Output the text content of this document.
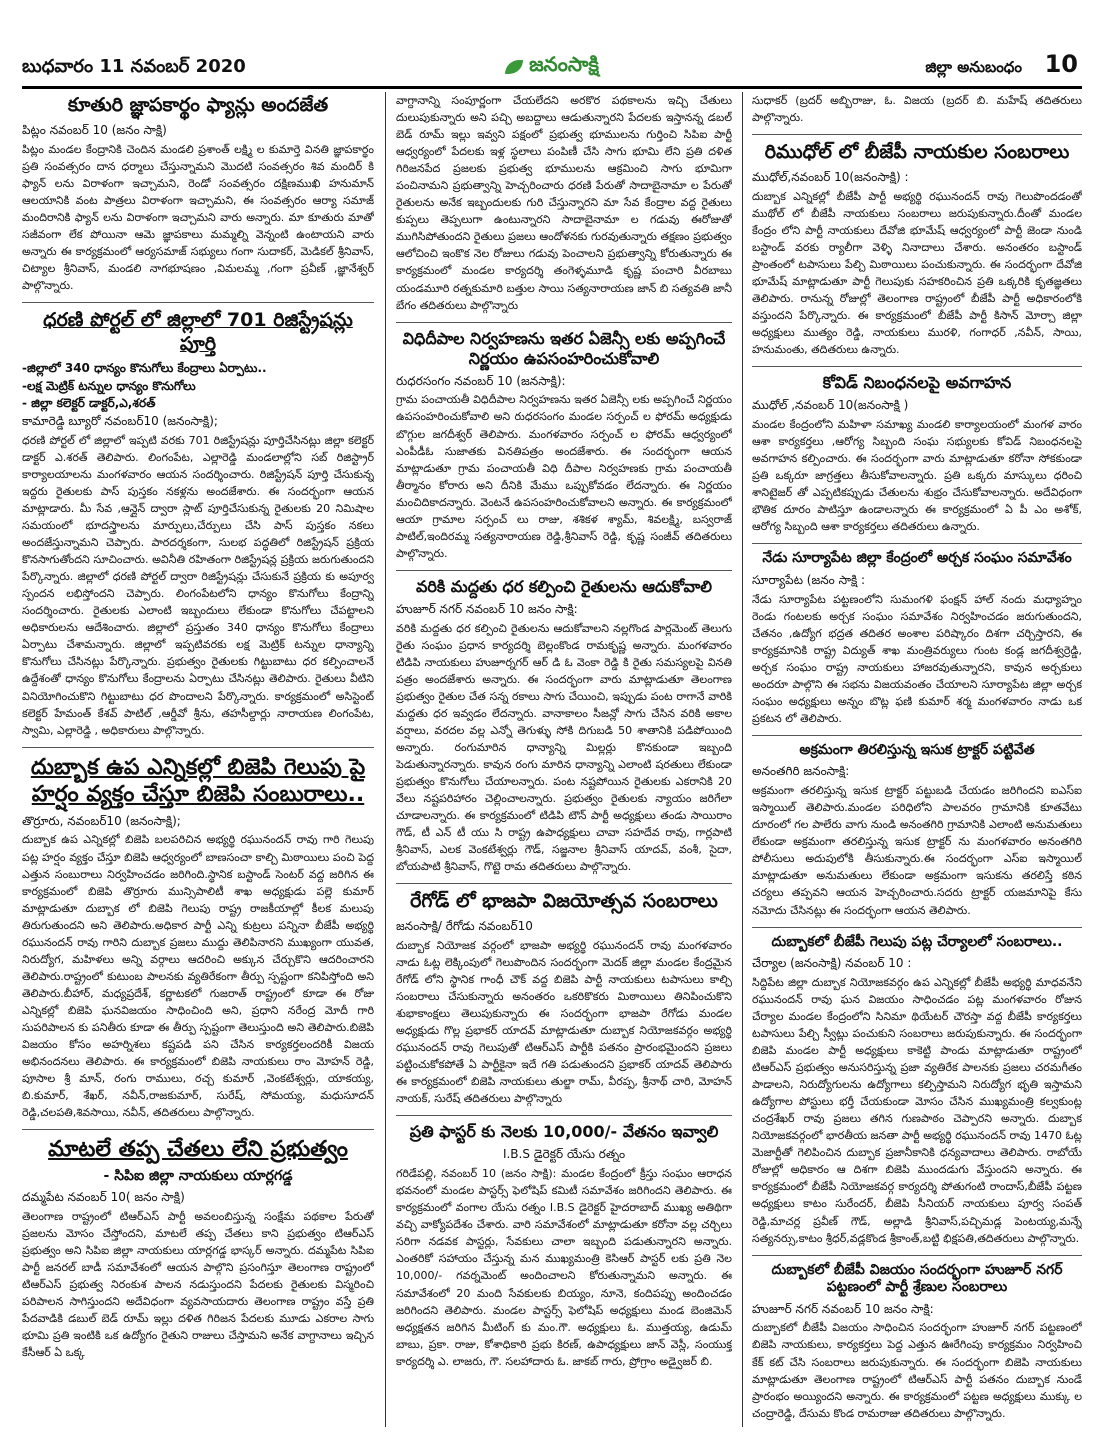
బుధవారం 11 నవంబర్ 2020	జనంసాక్షి	జిల్లా అనుబంధం 10
కూతురి జ్ఞాపకార్థం ఫ్యాన్లు అందజేత
పిట్లం నవంబర్ 10 (జనం సాక్షి)

పిట్లం మండల కేంద్రానికి చెందిన మండలి ప్రశాంత్ లక్ష్మి ల కుమార్తె వినతి జ్ఞాపకార్థం ప్రతి సంవత్సరం దాన ధర్మాలు చేస్తున్నామని మొదటి సంవత్సరం శివ మందిర్ కి ఫ్యాన్ లను విరాళంగా ఇచ్చామని, రెండో సంవత్సరం దక్షిణముఖి హనుమాన్ ఆలయానికి వంట పాత్రలు విరాళంగా ఇచ్చామని, ఈ సంవత్సరం ఆర్యా సమాజ్ మందిరానికి ఫ్యాన్ లను విరాళంగా ఇచ్చామని వారు అన్నారు. మా కూతురు మాతో సజీవంగా లేక పోయినా ఆమె జ్ఞాపకాలు మమ్మల్ని వెన్నంటి ఉంటాయని వారు అన్నారు ఈ కార్యక్రమంలో ఆర్యసమాజ్ సభ్యులు గంగా సుదాకర్, మెడికల్ శ్రీనివాస్, చిట్యాల శ్రీనివాస్, మండలి నాగభూషణం ,విమలమ్మ ,గంగా ప్రవీణ్ ,జ్ఞానేశ్వర్ పాల్గొన్నారు.

ధరణి పోర్టల్ లో జిల్లాలో 701 రిజిస్ట్రేషన్లు పూర్తి
-జిల్లాలో 340 ధాన్యం కొనుగోలు కేంద్రాలు ఏర్పాటు..
-లక్ష మెట్రిక్ టన్నుల ధాన్యం కొనుగోలు
- జిల్లా కలెక్టర్ డాక్టర్,ఎ,శరత్
కామారెడ్డి బ్యూరో నవంబర్10 (జనంసాక్షి);

ధరణి పోర్టల్ లో జిల్లాలో ఇప్పటి వరకు 701 రిజిస్ట్రేషన్లు పూర్తిచేసినట్లు జిల్లా కలెక్టర్ డాక్టర్ ఎ.శరత్ తెలిపారు. లింగంపేట, ఎల్లారెడ్డి మండలాల్లోని సబ్ రిజిస్ట్రార్ కార్యాలయాలను మంగళవారం ఆయన సందర్శించారు. రిజిస్ట్రేషన్ పూర్తి చేసుకున్న ఇద్దరు రైతులకు పాస్ పుస్తకం నకళ్లను అందజేశారు. ఈ సందర్భంగా ఆయన మాట్లాడారు. మీ సేవ ,ఆన్లైన్ ద్వారా స్లాట్ పూర్తిచేసుకున్న రైతులకు 20 నిమిషాల సమయంలో భూదస్త్రాలను మార్పులు,చేర్పులు చేసి పాస్ పుస్తకం నకలు అందజేస్తున్నామని చెప్పారు. పారదర్శకంగా, సులభ పద్ధతిలో రిజిస్ట్రేషన్ ప్రక్రియ కొనసాగుతోందని సూచించారు. అవినీతి రహితంగా రిజిస్ట్రేషన్ల ప్రక్రియ జరుగుతుందని పేర్కొన్నారు. జిల్లాలో ధరణి పోర్టల్ ద్వారా రిజిస్ట్రేషన్లు చేసుకునే ప్రక్రియ కు అపూర్వ స్పందన లభిస్తోందని చెప్పారు. లింగంపేటలోని ధాన్యం కొనుగోలు కేంద్రాన్ని సందర్శించారు. రైతులకు ఎలాంటి ఇబ్బందులు లేకుండా కొనుగోలు చేపట్టాలని అధికారులను ఆదేశించారు. జిల్లాలో ప్రస్తుతం 340 ధాన్యం కొనుగోలు కేంద్రాలు ఏర్పాటు చేశామన్నారు. జిల్లాలో ఇప్పటివరకు లక్ష మెట్రిక్ టన్నుల ధాన్యాన్ని కొనుగోలు చేసినట్లు పేర్కొన్నారు. ప్రభుత్వం రైతులకు గిట్టుబాటు ధర కల్పించాలనే ఉద్దేశంతో ధాన్యం కొనుగోలు కేంద్రాలను ఏర్పాటు చేసినట్లు తెలిపారు. రైతులు వీటిని వినియోగించుకొని గిట్టుబాటు ధర పొందాలని పేర్కొన్నారు. కార్యక్రమంలో అసిస్టెంట్ కలెక్టర్ హేమంత్ కేశవ్ పాటిల్ ,ఆర్డీవో శ్రీను, తహసీల్దార్లు నారాయణ లింగంపేట, స్వామి, ఎల్లారెడ్డి , అధికారులు పాల్గొన్నారు.

దుబ్బాక ఉప ఎన్నికల్లో బిజెపి గెలుపు పై హర్షం వ్యక్తం చేస్తూ బిజెపి సంబురాలు..
తొర్రూరు, నవంబర్10 (జనంసాక్షి);

దుబ్బాక ఉప ఎన్నికల్లో బిజెపి బలపరిచిన అభ్యర్థి రఘునందన్ రావు గారి గెలుపు పట్ల హర్షం వ్యక్తం చేస్తూ బిజెపి ఆధ్వర్యంలో బాణసంచా కాల్చి మిఠాయిలు పంచి పెద్ద ఎత్తున సంబురాలు నిర్వహించడం జరిగింది.స్థానిక బస్టాండ్ సెంటర్ వద్ద జరిగిన ఈ కార్యక్రమంలో బిజెపి తొర్రూరు మున్సిపాలిటీ శాఖ అధ్యక్షుడు పల్లె కుమార్ మాట్లాడుతూ దుబ్బాక లో బిజెపి గెలుపు రాష్ట్ర రాజకీయాల్లో కీలక మలుపు తిరుగుతుందని అని తెలిపారు.అధికార పార్టీ ఎన్ని కుట్రలు పన్నినా బీజేపీ అభ్యర్థి రఘునందన్ రావు గారిని దుబ్బాక ప్రజలు ముద్దు తెలిపినారని ముఖ్యంగా యువత, నిరుద్యోగ, మహిళలు అన్ని వర్గాలు ఆదరించి అక్కున చేర్చుకొని ఆదరించారని తెలిపారు.రాష్ట్రంలో కుటుంబ పాలనకు వ్యతిరేకంగా తీర్పు స్పష్టంగా కనిపిస్తోంది అని తెలిపారు.బీహార్, మధ్యప్రదేశ్, కర్ణాటకలో గుజరాత్ రాష్ట్రంలో కూడా ఈ రోజు ఎన్నికల్లో బిజెపి ఘనవిజయం సాధించింది అని, ప్రధాని నరేంద్ర మోదీ గారి సుపరిపాలన కు పనితీరు కూడా ఈ తీర్పు స్పష్టంగా తెలుస్తుంది అని తెలిపారు.బిజెపి విజయం కోసం అహర్నిశలు కష్టపడి పని చేసిన కార్యకర్తలందరికీ విజయ అభినందనలు తెలిపారు. ఈ కార్యక్రమంలో బిజెపి నాయకులు రాం మోహన్ రెడ్డి, పూసాల శ్రీ మాన్, రంగు రాములు, రచ్చ కుమార్ ,వెంకటేశ్వర్లు, యాకయ్య, బి.కుమార్, శేఖర్, నవీన్,రాజకుమార్, సురేష్, సోమయ్య, మధుసూదన్ రెడ్డి,చలపతి,శివసాయి, నవీన్, తదితరులు పాల్గొన్నారు.

మాటలే తప్ప చేతలు లేని ప్రభుత్వం
- సిపిఐ జిల్లా నాయకులు యార్లగడ్డ
దమ్మపేట నవంబర్ 10( జనం సాక్షి)

తెలంగాణ రాష్ట్రంలో టిఆర్ఎస్ పార్టీ అవలంబిస్తున్న సంక్షేమ పథకాల పేరుతో ప్రజలను మోసం చేస్తోందని, మాటలే తప్ప చేతలు కాని ప్రభుత్వం టిఆర్ఎస్ ప్రభుత్వం అని సిపిఐ జిల్లా నాయకులు యార్లగడ్డ భాస్కర్ అన్నారు. దమ్మపేట సిపిఐ పార్టీ జనరల్ బాడీ సమావేశంలో ఆయన పాల్గొని ప్రసంగిస్తూ తెలంగాణ రాష్ట్రంలో టిఆర్ఎస్ ప్రభుత్వ నిరంకుశ పాలన నడుస్తుందని పేదలకు రైతులకు విస్మరించి పరిపాలన సాగిస్తుందని అదేవిధంగా వ్యవసాయదారు తెలంగాణ రాష్ట్రం వస్తే ప్రతి పేదవాడికి డబుల్ బెడ్ రూమ్ ఇల్లు దళిత గిరిజన పేదలకు మూడు ఎకరాల సాగు భూమి ప్రతి ఇంటికి ఒక ఉద్యోగం రైతుని రాజులు చేస్తామని అనేక వాగ్దానాలు ఇచ్చిన కేసీఆర్ ఏ ఒక్క

వాగ్దానాన్ని సంపూర్ణంగా చేయలేదని అరకొర పథకాలను ఇచ్చి చేతులు దులుపుకున్నారు అని పచ్చి అబద్దాలు ఆడుతున్నారని పేదలకు ఇస్తానన్న డబల్ బెడ్ రూమ్ ఇల్లు ఇవ్వని పక్షంలో ప్రభుత్వ భూములను గుర్తించి సిపిఐ పార్టీ ఆధ్వర్యంలో పేదలకు ఇళ్ల స్థలాలు పంపిణీ చేసి సాగు భూమి లేని ప్రతి దళిత గిరిజనపేద ప్రజలకు ప్రభుత్వ భూములను ఆక్రమించి సాగు భూమిగా పంచినామని ప్రభుత్వాన్ని హెచ్చరించారు ధరణి పేరుతో సాదాబైనామా ల పేరుతో రైతులను అనేక ఇబ్బందులకు గురి చేస్తున్నారని మా సేవ కేంద్రాల వద్ద రైతులు కుప్పలు తెప్పలుగా ఉంటున్నారని సాదాబైనామా ల గడువు ఈరోజుతో ముగిసిపోతుందని రైతులు ప్రజలు ఆందోళనకు గురవుతున్నారు తక్షణం ప్రభుత్వం ఆలోచించి ఇంకొక నెల రోజులు గడువు పెంచాలని ప్రభుత్వాన్ని కోరుతున్నారు ఈ కార్యక్రమంలో మండల కార్యదర్శి తంగెళ్ళమూడి కృష్ణ పంచారి వీరబాబు యండమూరి రత్నకుమారి బత్తుల సాయి సత్యనారాయణ జాన్ బి సత్యవతి జానీ బేగం తదితరులు పాల్గొన్నారు

విధిదీపాల నిర్వహణను ఇతర ఏజెన్సీ లకు అప్పగించే నిర్ణయం ఉపసంహరించుకోవాలి
రుధరసంగం నవంబర్ 10 (జనసాక్షి):

గ్రామ పంచాయతీ విధిదీపాల నిర్వహణను ఇతర ఏజెన్సీ లకు అప్పగించే నిర్ణయం ఉపసంహరించుకోవాలి అని రుధరసంగం మండల సర్పంచ్ ల ఫోరమ్ అధ్యక్షుడు బొగ్గుల జగదీశ్వర్ తెలిపారు. మంగళవారం సర్పంచ్ ల ఫోరమ్ ఆధ్వర్యంలో ఎంపీడీఓ సుజాతకు వినతిపత్రం అందజేశారు. ఈ సందర్భంగా ఆయన మాట్లాడుతూ గ్రామ పంచాయతీ విధి దీపాల నిర్వహణకు గ్రామ పంచాయతీ తీర్మానం కోరారు అని దీనికి మేము ఒప్పుకోవడం లేదన్నారు. ఈ నిర్ణయం మంచిదికాదన్నారు. వెంటనే ఉపసంహరించుకోవాలని అన్నారు. ఈ కార్యక్రమంలో ఆయా గ్రామాల సర్పంచ్ లు రాజు, శశికళ శ్యామ్, శివలక్ష్మి, బస్వరాజ్ పాటిల్,ఇందిరమ్మ సత్యనారాయణ రెడ్డి,శ్రీనివాస్ రెడ్డి, కృష్ణ సంజీవ్ తదితరులు పాల్గొన్నారు.

వరికి మద్దతు ధర కల్పించి రైతులను ఆదుకోవాలి
హుజూర్ నగర్ నవంబర్ 10 జనం సాక్షి:

వరికి మద్దతు ధర కల్పించి రైతులను ఆదుకోవాలని నల్లగొండ పార్లమెంట్ తెలుగు రైతు సంఘం ప్రధాన కార్యదర్శి బెల్లంకొండ రామకృష్ణ అన్నారు. మంగళవారం టిడిపి నాయకులు హుజూర్నగర్ ఆర్ డి ఓ వెంకా రెడ్డి కి రైతు సమస్యలపై వినతి పత్రం అందజేశారు అన్నారు. ఈ సందర్భంగా వారు మాట్లాడుతూ తెలంగాణ ప్రభుత్వం రైతుల చేత సన్న రకాలు సాగు చేయించి, ఇప్పుడు పంట రాగానే వారికి మద్దతు ధర ఇవ్వడం లేదన్నారు. వానాకాలం సీజన్లో సాగు చేసిన వరికి అకాల వర్షాలు, వరదల వల్ల ఎన్నో తెగుళ్ళు సోకి దిగుబడి 50 శాతానికి పడిపోయింది అన్నారు. రంగుమారిన ధాన్యాన్ని మిల్లర్లు కొనకుండా ఇబ్బంది పెడుతున్నారన్నారు. కావున రంగు మారిన ధాన్యాన్ని ఎలాంటి షరతులు లేకుండా ప్రభుత్వం కొనుగోలు చేయాలన్నారు. పంట నష్టపోయిన రైతులకు ఎకరానికి 20 వేలు నష్టపరిహారం చెల్లించాలన్నారు. ప్రభుత్వం రైతులకు న్యాయం జరిగేలా చూడాలన్నారు. ఈ కార్యక్రమంలో టిడిపి టౌన్ పార్టీ అధ్యక్షులు తండు సాయిరాం గౌడ్, టీ ఎన్ టీ యు సి రాష్ట్ర ఉపాధ్యక్షులు చావా సహదేవ రావు, గార్లపాటి శ్రీనివాస్, ఎలక వెంకటేశ్వర్లు గౌడ్, సజ్జనాల శ్రీనివాస్ యాదవ్, వంశీ, సైదా, బోయపాటి శ్రీనివాస్, గొట్టె రామ తదితరులు పాల్గొన్నారు.

రేగోడ్ లో భాజపా విజయోత్సవ సంబరాలు
జనంసాక్షి/ రేగోడు నవంబర్10

దుబ్బాక నియోజక వర్గంలో భాజపా అభ్యర్థి రఘునందన్ రావు మంగళవారం నాడు ఓట్ల లెక్కింపులో గెలుపొందిన సందర్భంగా మెదక్ జిల్లా మండల కేంద్రమైన రేగోడ్ లోని స్థానిక గాంధీ చౌక్ వద్ద బిజెపి పార్టీ నాయకులు టపాసులు కాల్చి సంబరాలు చేసుకున్నారు అనంతరం ఒకరికొకరు మిఠాయిలు తినిపించుకొని శుభాకాంక్షలు తెలుపుకున్నారు ఈ సందర్భంగా భాజపా రేగోడు మండల అధ్యక్షుడు గొల్ల ప్రభాకర్ యాదవ్ మాట్లాడుతూ దుబ్బాక నియోజకవర్గం అభ్యర్థి రఘునందన్ రావు గెలుపుతో టిఆర్ఎస్ పార్టీకి పతనం ప్రారంభమైందని ప్రజలు పట్టించుకోకపోతే ఏ పార్టీకైనా ఇదే గతి పడుతుందని ప్రభాకర్ యాదవ్ తెలిపారు ఈ కార్యక్రమంలో బిజెపి నాయకులు తుల్జా రామ్, వీరప్ప, శ్రీనాథ్ చారి, మోహన్ నాయక్, సురేష్ తదితరులు పాల్గొన్నారు

ప్రతి ఫాస్టర్ కు నెలకు 10,000/- వేతనం ఇవ్వాలి
I.B.S డైరెక్టర్ యేసు రత్నం

గరిడేపల్లి, నవంబర్ 10 (జనం సాక్షి): మండల కేంద్రంలో క్రీస్తు సంఘం ఆరాధన భవనంలో మండల పాస్టర్స్ ఫెలోషిప్ కమిటీ సమావేశం జరిగిందని తెలిపారు. ఈ కార్యక్రమంలో వంగాల యేసు రత్నం I.B.S డైరెక్టర్ హైదరాబాద్ ముఖ్య అతిథిగా వచ్చి వాక్యోపదేశం చేశారు. వారి సమావేశంలో మాట్లాడుతూ కరోనా వల్ల చర్చిలు సరిగా నడవక పాస్టర్లు, సేవకులు చాలా ఇబ్బంది పడుతున్నారని అన్నారు. ఎంతరికో సహాయం చేస్తున్న మన ముఖ్యమంత్రి కెసిఆర్ పాస్టర్ లకు ప్రతి నెల 10,000/- గవర్నమెంట్ అందించాలని కోరుతున్నామని అన్నారు. ఈ సమావేశంలో 20 మంది సేవకులకు బియ్యం, నూనె, కందిపప్పు అందించడం జరిగిందని తెలిపారు. మండల పాస్టర్స్ ఫెలోషిప్ అధ్యక్షులు మండ బెంజిమెన్ అధ్యక్షతన జరిగిన మీటింగ్ కు మం.గౌ. అధ్యక్షులు ఓ. ముత్తయ్య, ఉడుమ్ బాబు, ప్రకా. రాజు, కోశాధికారి ప్రభు కిరణ్, ఉపాధ్యక్షులు జాన్ వెస్లీ, సంయుక్త కార్యదర్శి ఎ. లాజరు, గౌ. సలహాదారు ఓ. జాకబ్ గారు, ప్రోగ్రాం అడ్వైజర్ బి.

సుధాకర్ (బ్రదర్ అబ్బిరాజు, ఓ. విజయ (బ్రదర్ బి. మహేష్ తదితరులు పాల్గొన్నారు.

రిముధోల్ లో బీజేపీ నాయకుల సంబరాలు
ముధోల్,నవంబర్ 10(జనంసాక్షి) :

దుబ్బాక ఎన్నికల్లో బీజేపీ పార్టీ అభ్యర్థి రఘునందన్ రావు గెలుపొందడంతో ముథోల్ లో బీజేపీ నాయకులు సంబరాలు జరుపుకున్నారు.దీంతో మండల కేంద్రం లోని పార్టీ నాయకులు దేవోజి భూమేష్ ఆధ్వర్యంలో పార్టీ జెండా నుండి బస్టాండ్ వరకు ర్యాలీగా వెళ్ళి నినాదాలు చేశారు. అనంతరం బస్టాండ్ ప్రాంతంలో టపాసులు పేల్చి మిఠాయిలు పంచుకున్నారు. ఈ సందర్భంగా దేవోజి భూమేష్ మాట్లాడుతూ పార్టీ గెలుపుకు సహకరించిన ప్రతి ఒక్కరికి కృతజ్ఞతలు తెలిపారు. రానున్న రోజుల్లో తెలంగాణ రాష్ట్రంలో బీజేపీ పార్టీ అధికారంలోకి వస్తుందని పేర్కొన్నారు. ఈ కార్యక్రమంలో బీజేపీ పార్టీ కిసాన్ మోర్చా జిల్లా అధ్యక్షులు ముత్యం రెడ్డి, నాయకులు మురళి, గంగాధర్ ,నవీన్, సాయి, హనుమంతు, తదితరులు ఉన్నారు.

కోవిడ్ నిబంధనలపై అవగాహన
ముధోల్ ,నవంబర్ 10(జనంసాక్షి )

మండల కేంద్రంలోని మహిళా సమాఖ్య మండలి కార్యాలయంలో మంగళ వారం ఆశా కార్యకర్తలు ,ఆరోగ్య సిబ్బంది సంఘ సభ్యులకు కోవిడ్ నిబంధనలపై అవగాహన కల్పించారు. ఈ సందర్భంగా వారు మాట్లాడుతూ కరోనా సోకకుండా ప్రతి ఒక్కరూ జాగ్రత్తలు తీసుకోవాలన్నారు. ప్రతి ఒక్కరు మాస్కులు ధరించి శానిటైజర్ తో ఎప్పటికప్పుడు చేతులను శుభ్రం చేసుకోవాలన్నారు. అదేవిధంగా భౌతిక దూరం పాటిస్తూ ఉండాలన్నారు ఈ కార్యక్రమంలో ఏ పీ ఎం అశోక్, ఆరోగ్య సిబ్బంది ఆశా కార్యకర్తలు తదితరులు ఉన్నారు.

నేడు సూర్యాపేట జిల్లా కేంద్రంలో అర్చక సంఘం సమావేశం
సూర్యాపేట (జనం సాక్షి :

నేడు సూర్యాపేట పట్టణంలోని సుమంగళి ఫంక్షన్ హాల్ నందు మధ్యాహ్నం రెండు గంటలకు అర్చక సంఘం సమావేశం నిర్వహించడం జరుగుతుందని, చేతనం ,ఉద్యోగ భద్రత తదితర అంశాల పరిష్కారం దిశగా చర్చిస్తారని, ఈ కార్యక్రమానికి రాష్ట్ర విద్యుత్ శాఖ మంత్రివర్యులు గుంట కండ్ల జగదీశ్వర్రెడ్డి, అర్చక సంఘం రాష్ట్ర నాయకులు హాజరవుతున్నారని, కావున అర్చకులు అందరూ పాల్గొని ఈ సభను విజయవంతం చేయాలని సూర్యాపేట జిల్లా అర్చక సంఘం అధ్యక్షులు అన్నం బొట్ల ఫణి కుమార్ శర్మ మంగళవారం నాడు ఒక ప్రకటన లో తెలిపారు.

అక్రమంగా తిరలిస్తున్న ఇసుక ట్రాక్టర్ పట్టివేత
అనంతగిరి జనంసాక్షి:

అక్రమంగా తరలిస్తున్న ఇసుక ట్రాక్టర్ పట్టుబడి చేయడం జరిగిందని ఐఎస్ఐ ఇస్మాయిల్ తెలిపారు.మండల పరిధిలోని పాలవరం గ్రామానికి కూతవేటు దూరంలో గల పాలేరు వాగు నుండి అనంతగిరి గ్రామానికి ఎలాంటి అనుమతులు లేకుండా అక్రమంగా తరలిస్తున్న ఇసుక ట్రాక్టర్ ను మంగళవారం అనంతగిరి పోలీసులు అదుపులోకి తీసుకున్నారు.ఈ సందర్భంగా ఎస్ఐ ఇస్మాయిల్ మాట్లాడుతూ అనుమతులు లేకుండా అక్రమంగా ఇసుకను తరలిస్తే కఠిన చర్యలు తప్పవని ఆయన హెచ్చరించారు.సదరు ట్రాక్టర్ యజమానిపై కేసు నమోదు చేసినట్లు ఈ సందర్భంగా ఆయన తెలిపారు.

దుబ్బాకలో బీజేపీ గెలుపు పట్ల చేర్యాలలో సంబరాలు..
చేర్యాల (జనంసాక్షి) నవంబర్ 10 :

సిద్దిపేట జిల్లా దుబ్బాక నియోజకవర్గం ఉప ఎన్నికల్లో బీజేపీ అభ్యర్థి మాధవనేని రఘునందన్ రావు ఘన విజయం సాధించడం పట్ల మంగళవారం రోజున చేర్యాల మండల కేంద్రంలోని సినిమా థియేటర్ చౌరస్తా వద్ద బీజేపీ కార్యకర్తలు టపాసులు పేల్చి స్వీట్లు పంచుకుని సంబరాలు జరుపుకున్నారు. ఈ సందర్భంగా బిజెపి మండల పార్టీ అధ్యక్షులు కాకెట్టి పాండు మాట్లాడుతూ రాష్ట్రంలో టిఆర్ఎస్ ప్రభుత్వం అనుసరిస్తున్న ప్రజా వ్యతిరేక పాలనకు ప్రజలు చరమగీతం పాడాలని, నిరుద్యోగులను ఉద్యోగాలు కల్పిస్తామని నిరుద్యోగ భృతి ఇస్తామని ఉద్యోగాల పోస్టులు భర్తీ చేయకుండా మోసం చేసిన ముఖ్యమంత్రి కల్వకుంట్ల చంద్రశేఖర్ రావు ప్రజలు తగిన గుణపాఠం చెప్పారని అన్నారు. దుబ్బాక నియోజకవర్గంలో భారతీయ జనతా పార్టీ అభ్యర్థి రఘునందన్ రావు 1470 ఓట్ల మెజార్టీతో గెలిపించిన దుబ్బాక ప్రజానీకానికి ధన్యవాదాలు తెలిపారు. రాబోయే రోజుల్లో అధికారం ఆ దిశగా బిజెపి ముందడుగు వేస్తుందని అన్నారు. ఈ కార్యక్రమంలో బీజేపీ నియోజకవర్గ కార్యదర్శి పోతుగంటి రాందాస్,బీజేపీ పట్టణ అధ్యక్షులు కాటం సురేందర్, బీజెపి సీనియర్ నాయకులు పూర్వ సంపత్ రెడ్డి,మాచర్ల ప్రవీణ్ గౌడ్, అల్లాడి శ్రీనివాస్,పచ్చిమడ్ల పెంటయ్య,మన్నే సత్యనర్సు,కాటం శ్రీధర్,వడ్లకొండ శ్రీకాంత్,బట్టి భిక్షపతి,తదితరులు పాల్గొన్నారు.

దుబ్బాకలో బీజేపీ విజయం సందర్భంగా హుజూర్ నగర్ పట్టణంలో పార్టీ శ్రేణుల సంబరాలు
హుజూర్ నగర్ నవంబర్ 10 జనం సాక్షి:

దుబ్బాకలో బీజేపీ విజయం సాధించిన సందర్భంగా హుజూర్ నగర్ పట్టణంలో బిజెపి నాయకులు, కార్యకర్తలు పెద్ద ఎత్తున ఊరేగింపు కార్యక్రమం నిర్వహించి కేక్ కట్ చేసి సంబరాలు జరుపుకున్నారు. ఈ సందర్భంగా బిజెపి నాయకులు మాట్లాడుతూ తెలంగాణ రాష్ట్రంలో టిఆర్ఎస్ పార్టీ పతనం దుబ్బాక నుండే ప్రారంభం అయ్యిందని అన్నారు. ఈ కార్యక్రమంలో పట్టణ అధ్యక్షులు ముక్కు ల చంద్రారెడ్డి, దేసుమ కొండ రామరాజు తదితరులు పాల్గొన్నారు.
